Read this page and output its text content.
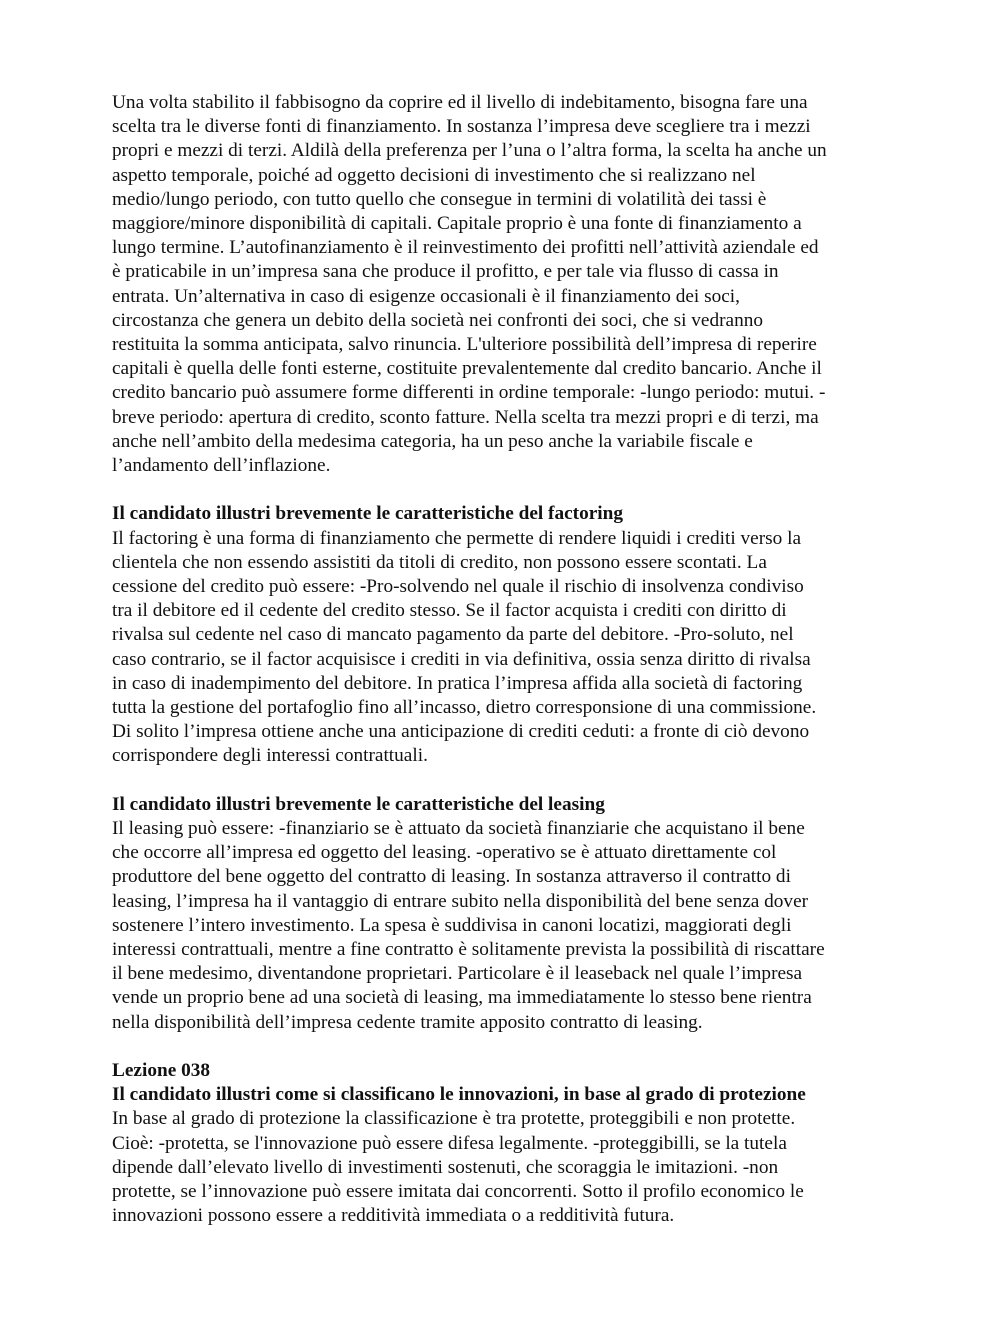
Una volta stabilito il fabbisogno da coprire ed il livello di indebitamento, bisogna fare una

scelta tra le diverse fonti di finanziamento. In sostanza l’impresa deve scegliere tra i mezzi

propri e mezzi di terzi. Aldilà della preferenza per l’una o l’altra forma, la scelta ha anche un

aspetto temporale, poiché ad oggetto decisioni di investimento che si realizzano nel

medio/lungo periodo, con tutto quello che consegue in termini di volatilità dei tassi è

maggiore/minore disponibilità di capitali. Capitale proprio è una fonte di finanziamento a

lungo termine. L’autofinanziamento è il reinvestimento dei profitti nell’attività aziendale ed

è praticabile in un’impresa sana che produce il profitto, e per tale via flusso di cassa in

entrata. Un’alternativa in caso di esigenze occasionali è il finanziamento dei soci,

circostanza che genera un debito della società nei confronti dei soci, che si vedranno

restituita la somma anticipata, salvo rinuncia. L'ulteriore possibilità dell’impresa di reperire

capitali è quella delle fonti esterne, costituite prevalentemente dal credito bancario. Anche il

credito bancario può assumere forme differenti in ordine temporale: -lungo periodo: mutui. -

breve periodo: apertura di credito, sconto fatture. Nella scelta tra mezzi propri e di terzi, ma

anche nell’ambito della medesima categoria, ha un peso anche la variabile fiscale e

l’andamento dell’inflazione.

Il candidato illustri brevemente le caratteristiche del factoring

Il factoring è una forma di finanziamento che permette di rendere liquidi i crediti verso la

clientela che non essendo assistiti da titoli di credito, non possono essere scontati. La

cessione del credito può essere: -Pro-solvendo nel quale il rischio di insolvenza condiviso

tra il debitore ed il cedente del credito stesso. Se il factor acquista i crediti con diritto di

rivalsa sul cedente nel caso di mancato pagamento da parte del debitore. -Pro-soluto, nel

caso contrario, se il factor acquisisce i crediti in via definitiva, ossia senza diritto di rivalsa

in caso di inadempimento del debitore. In pratica l’impresa affida alla società di factoring

tutta la gestione del portafoglio fino all’incasso, dietro corresponsione di una commissione.

Di solito l’impresa ottiene anche una anticipazione di crediti ceduti: a fronte di ciò devono

corrispondere degli interessi contrattuali.

Il candidato illustri brevemente le caratteristiche del leasing

Il leasing può essere: -finanziario se è attuato da società finanziarie che acquistano il bene

che occorre all’impresa ed oggetto del leasing. -operativo se è attuato direttamente col

produttore del bene oggetto del contratto di leasing. In sostanza attraverso il contratto di

leasing, l’impresa ha il vantaggio di entrare subito nella disponibilità del bene senza dover

sostenere l’intero investimento. La spesa è suddivisa in canoni locatizi, maggiorati degli

interessi contrattuali, mentre a fine contratto è solitamente prevista la possibilità di riscattare

il bene medesimo, diventandone proprietari. Particolare è il leaseback nel quale l’impresa

vende un proprio bene ad una società di leasing, ma immediatamente lo stesso bene rientra

nella disponibilità dell’impresa cedente tramite apposito contratto di leasing.

Lezione 038

Il candidato illustri come si classificano le innovazioni, in base al grado di protezione

In base al grado di protezione la classificazione è tra protette, proteggibili e non protette.

Cioè: -protetta, se l'innovazione può essere difesa legalmente. -proteggibilli, se la tutela

dipende dall’elevato livello di investimenti sostenuti, che scoraggia le imitazioni. -non

protette, se l’innovazione può essere imitata dai concorrenti. Sotto il profilo economico le

innovazioni possono essere a redditività immediata o a redditività futura.
